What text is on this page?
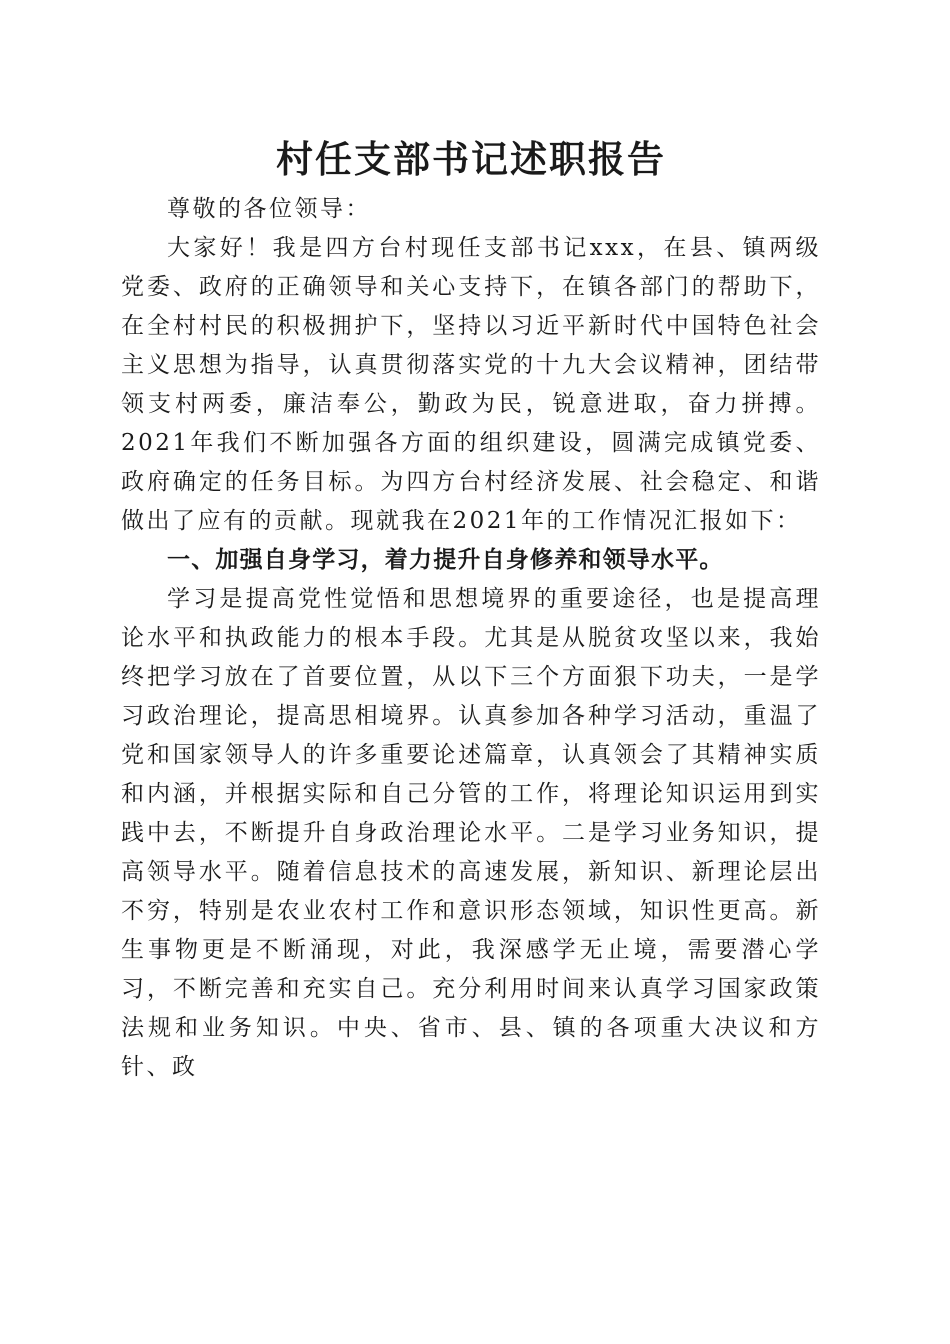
村任支部书记述职报告

尊敬的各位领导：

大家好！我是四方台村现任支部书记xxx，在县、镇两级党委、政府的正确领导和关心支持下，在镇各部门的帮助下，在全村村民的积极拥护下，坚持以习近平新时代中国特色社会主义思想为指导，认真贯彻落实党的十九大会议精神，团结带领支村两委，廉洁奉公，勤政为民，锐意进取，奋力拼搏。2021年我们不断加强各方面的组织建设，圆满完成镇党委、政府确定的任务目标。为四方台村经济发展、社会稳定、和谐做出了应有的贡献。现就我在2021年的工作情况汇报如下：

一、加强自身学习，着力提升自身修养和领导水平。

学习是提高党性觉悟和思想境界的重要途径，也是提高理论水平和执政能力的根本手段。尤其是从脱贫攻坚以来，我始终把学习放在了首要位置，从以下三个方面狠下功夫，一是学习政治理论，提高思相境界。认真参加各种学习活动，重温了党和国家领导人的许多重要论述篇章，认真领会了其精神实质和内涵，并根据实际和自己分管的工作，将理论知识运用到实践中去，不断提升自身政治理论水平。二是学习业务知识，提高领导水平。随着信息技术的高速发展，新知识、新理论层出不穷，特别是农业农村工作和意识形态领域，知识性更高。新生事物更是不断涌现，对此，我深感学无止境，需要潜心学习，不断完善和充实自己。充分利用时间来认真学习国家政策法规和业务知识。中央、省市、县、镇的各项重大决议和方针、政
